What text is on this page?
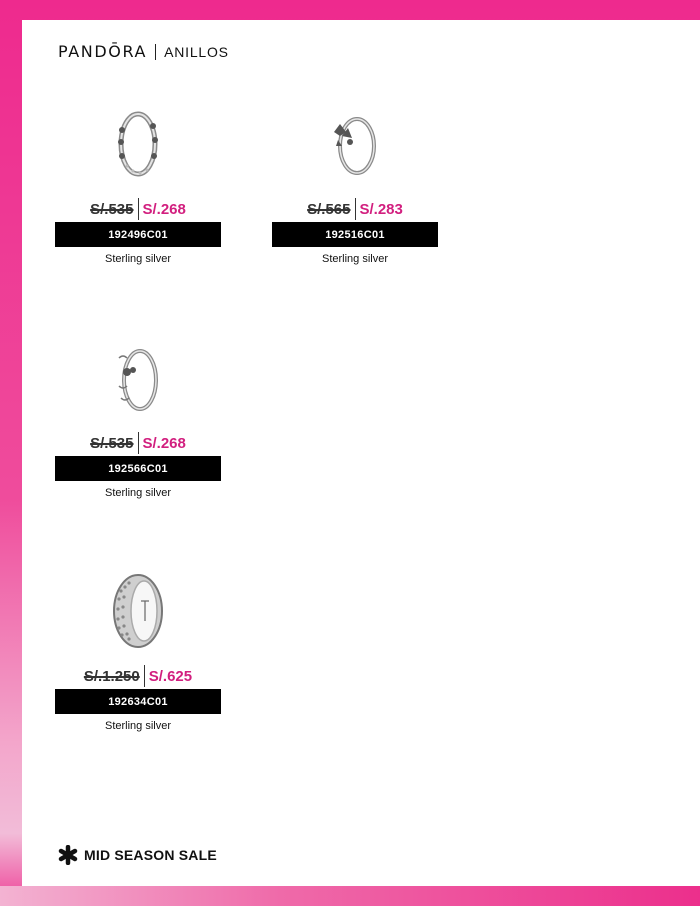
PANDŌRA ANILLOS
S/.535 S/.268
192496C01
Sterling silver
S/.565 S/.283
192516C01
Sterling silver
S/.535 S/.268
192566C01
Sterling silver
S/.1.250 S/.625
192634C01
Sterling silver
MID SEASON SALE
